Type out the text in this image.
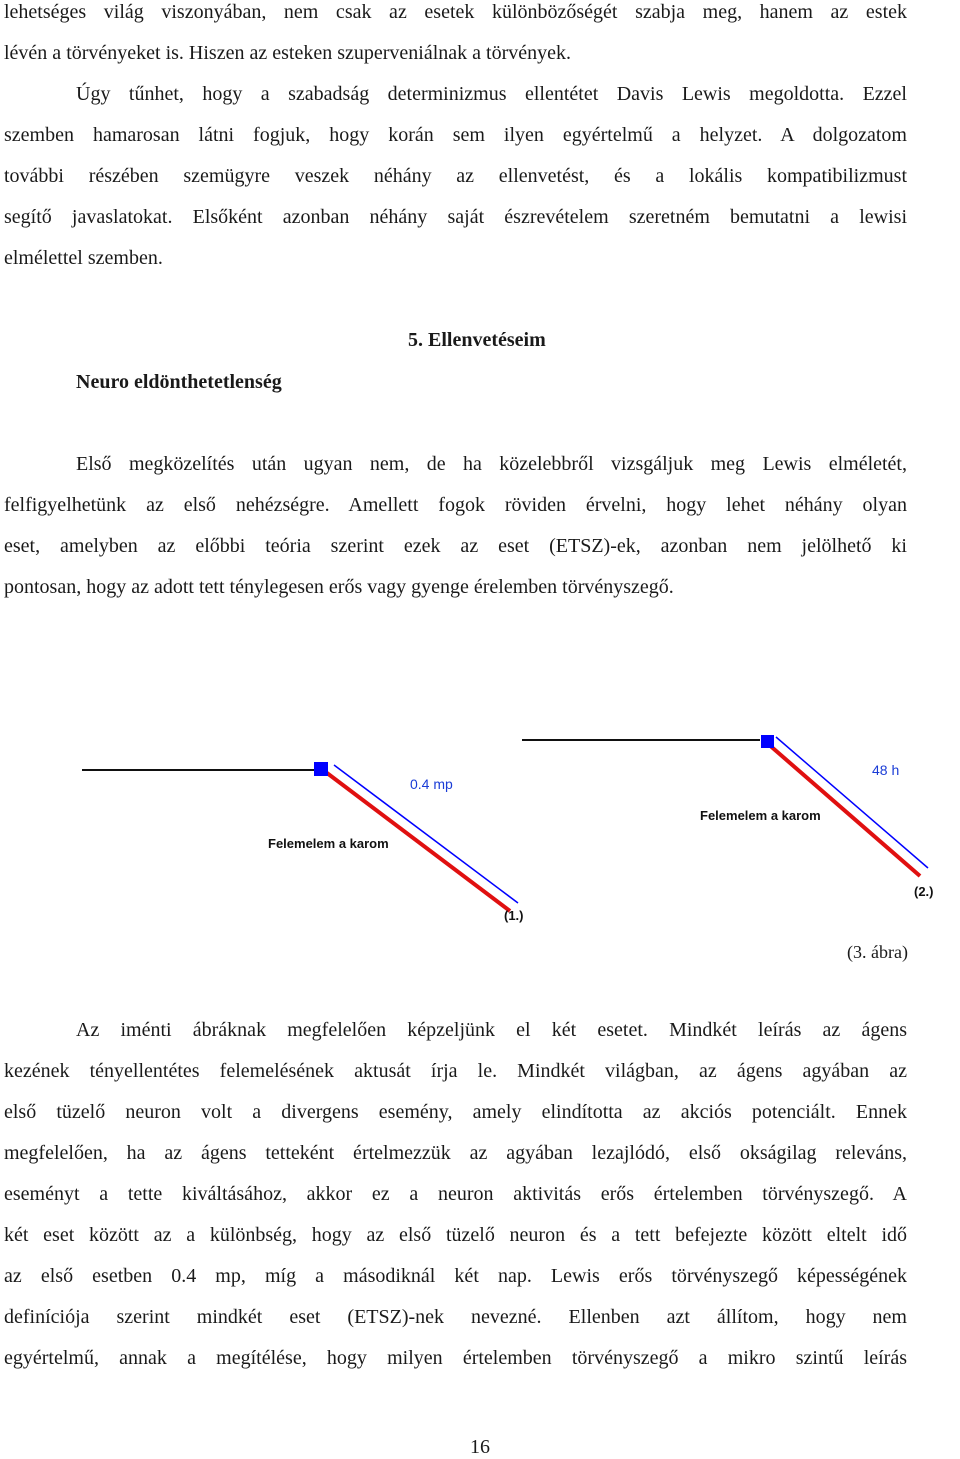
lehetséges világ viszonyában, nem csak az esetek különbözőségét szabja meg, hanem az estek
lévén a törvényeket is. Hiszen az esteken szuperveniálnak a törvények.
Úgy tűnhet, hogy a szabadság determinizmus ellentétet Davis Lewis megoldotta. Ezzel
szemben hamarosan látni fogjuk, hogy korán sem ilyen egyértelmű a helyzet. A dolgozatom
további részében szemügyre veszek néhány az ellenvetést, és a lokális kompatibilizmust
segítő javaslatokat. Elsőként azonban néhány saját észrevételem szeretném bemutatni a lewisi
elmélettel szemben.
5. Ellenvetéseim
Neuro eldönthetetlenség
Első megközelítés után ugyan nem, de ha közelebbről vizsgáljuk meg Lewis elméletét,
felfigyelhetünk az első nehézségre. Amellett fogok röviden érvelni, hogy lehet néhány olyan
eset, amelyben az előbbi teória szerint ezek az eset (ETSZ)-ek, azonban nem jelölhető ki
pontosan, hogy az adott tett ténylegesen erős vagy gyenge érelemben törvényszegő.
0.4 mp
Felemelem a karom
(1.)
48 h
Felemelem a karom
(2.)
(3. ábra)
Az iménti ábráknak megfelelően képzeljünk el két esetet. Mindkét leírás az ágens
kezének tényellentétes felemelésének aktusát írja le. Mindkét világban, az ágens agyában az
első tüzelő neuron volt a divergens esemény, amely elindította az akciós potenciált. Ennek
megfelelően, ha az ágens tetteként értelmezzük az agyában lezajlódó, első okságilag releváns,
eseményt a tette kiváltásához, akkor ez a neuron aktivitás erős értelemben törvényszegő. A
két eset között az a különbség, hogy az első tüzelő neuron és a tett befejezte között eltelt idő
az első esetben 0.4 mp, míg a másodiknál két nap. Lewis erős törvényszegő képességének
definíciója szerint mindkét eset (ETSZ)-nek nevezné. Ellenben azt állítom, hogy nem
egyértelmű, annak a megítélése, hogy milyen értelemben törvényszegő a mikro szintű leírás
16
